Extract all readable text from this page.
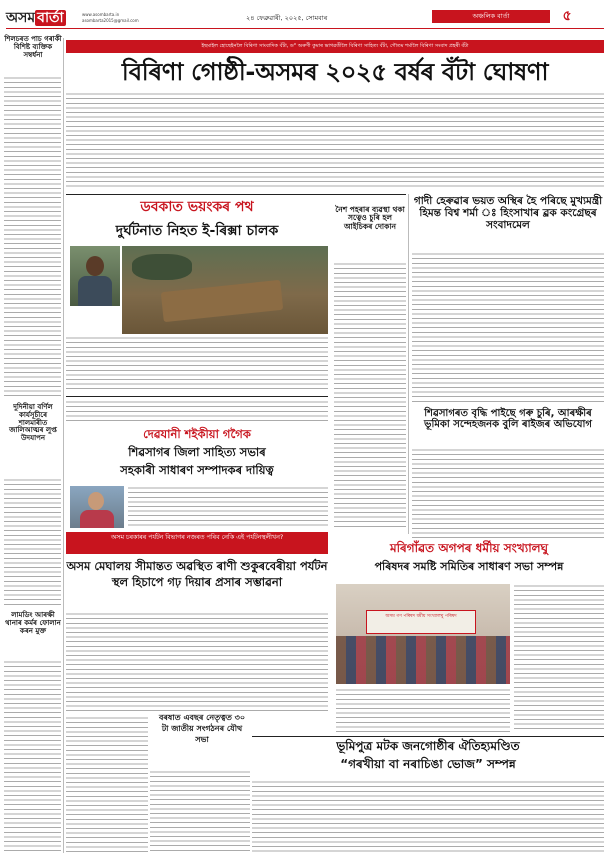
অসম বাৰ্তা	www.asombarta.in
asombarta2015@gmail.com	২৪ ফেব্ৰুৱাৰী, ২০২৫, সোমবাৰ	অঞ্চলিক বাৰ্তা	৫
শিলচৰত পাচ গৰাকী বিশিষ্ট ব্যক্তিক সম্বৰ্ধনা
দুদিনীয়া বৰ্ণিল কাৰ্যসূচীৰে শালমাৰীত জালিআত্মৰ লুপ্ত উদযাপন
লামডিং আৰক্ষী থানাৰ কৰ্মৰ ফোলান কৰন মুক্ত
ইছমাইল হোছেইনলৈ বিৰিণা সাংবাদিক বঁটা, ড° অৰুণী কুমাৰ ভাগৱতীলৈ বিৰিণা সাহিত্য বঁটা, গৌতম শৰ্মালৈ বিৰিণা সংবাদ প্ৰহৰী বঁটা
বিৰিণা গোষ্ঠী-অসমৰ ২০২৫ বৰ্ষৰ বঁটা ঘোষণা
ডবকাত ভয়ংকৰ পথ
দুৰ্ঘটনাত নিহত ই-ৰিক্সা চালক
নৈশ পহৰাৰ ব্যৱস্থা থকা সত্বেও চুৰি হল আইচিকৰ দোকান
গাদী হেৰুৱাৰ ভয়ত অস্থিৰ হৈ পৰিছে মুখ্যমন্ত্ৰী হিমন্ত বিশ্ব শৰ্মা ঃ হিংসাখাৰ ৱ্ৰক কংগ্ৰেছৰ সংবাদমেল
শিৱসাগৰত বৃদ্ধি পাইছে গৰু চুৰি, আৰক্ষীৰ ভূমিকা সন্দেহজনক বুলি ৰাইজৰ অভিযোগ
দেৱযানী শইকীয়া গগৈক
শিৱসাগৰ জিলা সাহিত্য সভাৰ
সহকাৰী সাধাৰণ সম্পাদকৰ দায়িত্ব
অসম চৰকাৰৰ পৰ্যটন বিভাগৰ নজৰত পৰিব নেকি এই পৰ্যটনস্থলীখন?
মৰিগাঁৱত অগপৰ ধৰ্মীয় সংখ্যালঘু
পৰিষদৰ সমষ্টি সমিতিৰ সাধাৰণ সভা সম্পন্ন
অসম গণ পৰিষদ ধৰ্মীয় সংখ্যালঘু পৰিষদ
অসম মেঘালয় সীমান্তত অৱস্থিত ৰাণী শুকুৰবেৰীয়া পৰ্যটন স্থল হিচাপে গঢ় দিয়াৰ প্ৰসাৰ সম্ভাৱনা
বৰষাত এবছৰ নেতৃত্বত ৩০ টা জাতীয় সংগঠনৰ যৌথ সভা	ভূমিপুত্ৰ মটক জনগোষ্ঠীৰ ঐতিহ্যমণ্ডিত
“গৰখীয়া বা নৰাচিঙা ভোজ” সম্পন্ন
